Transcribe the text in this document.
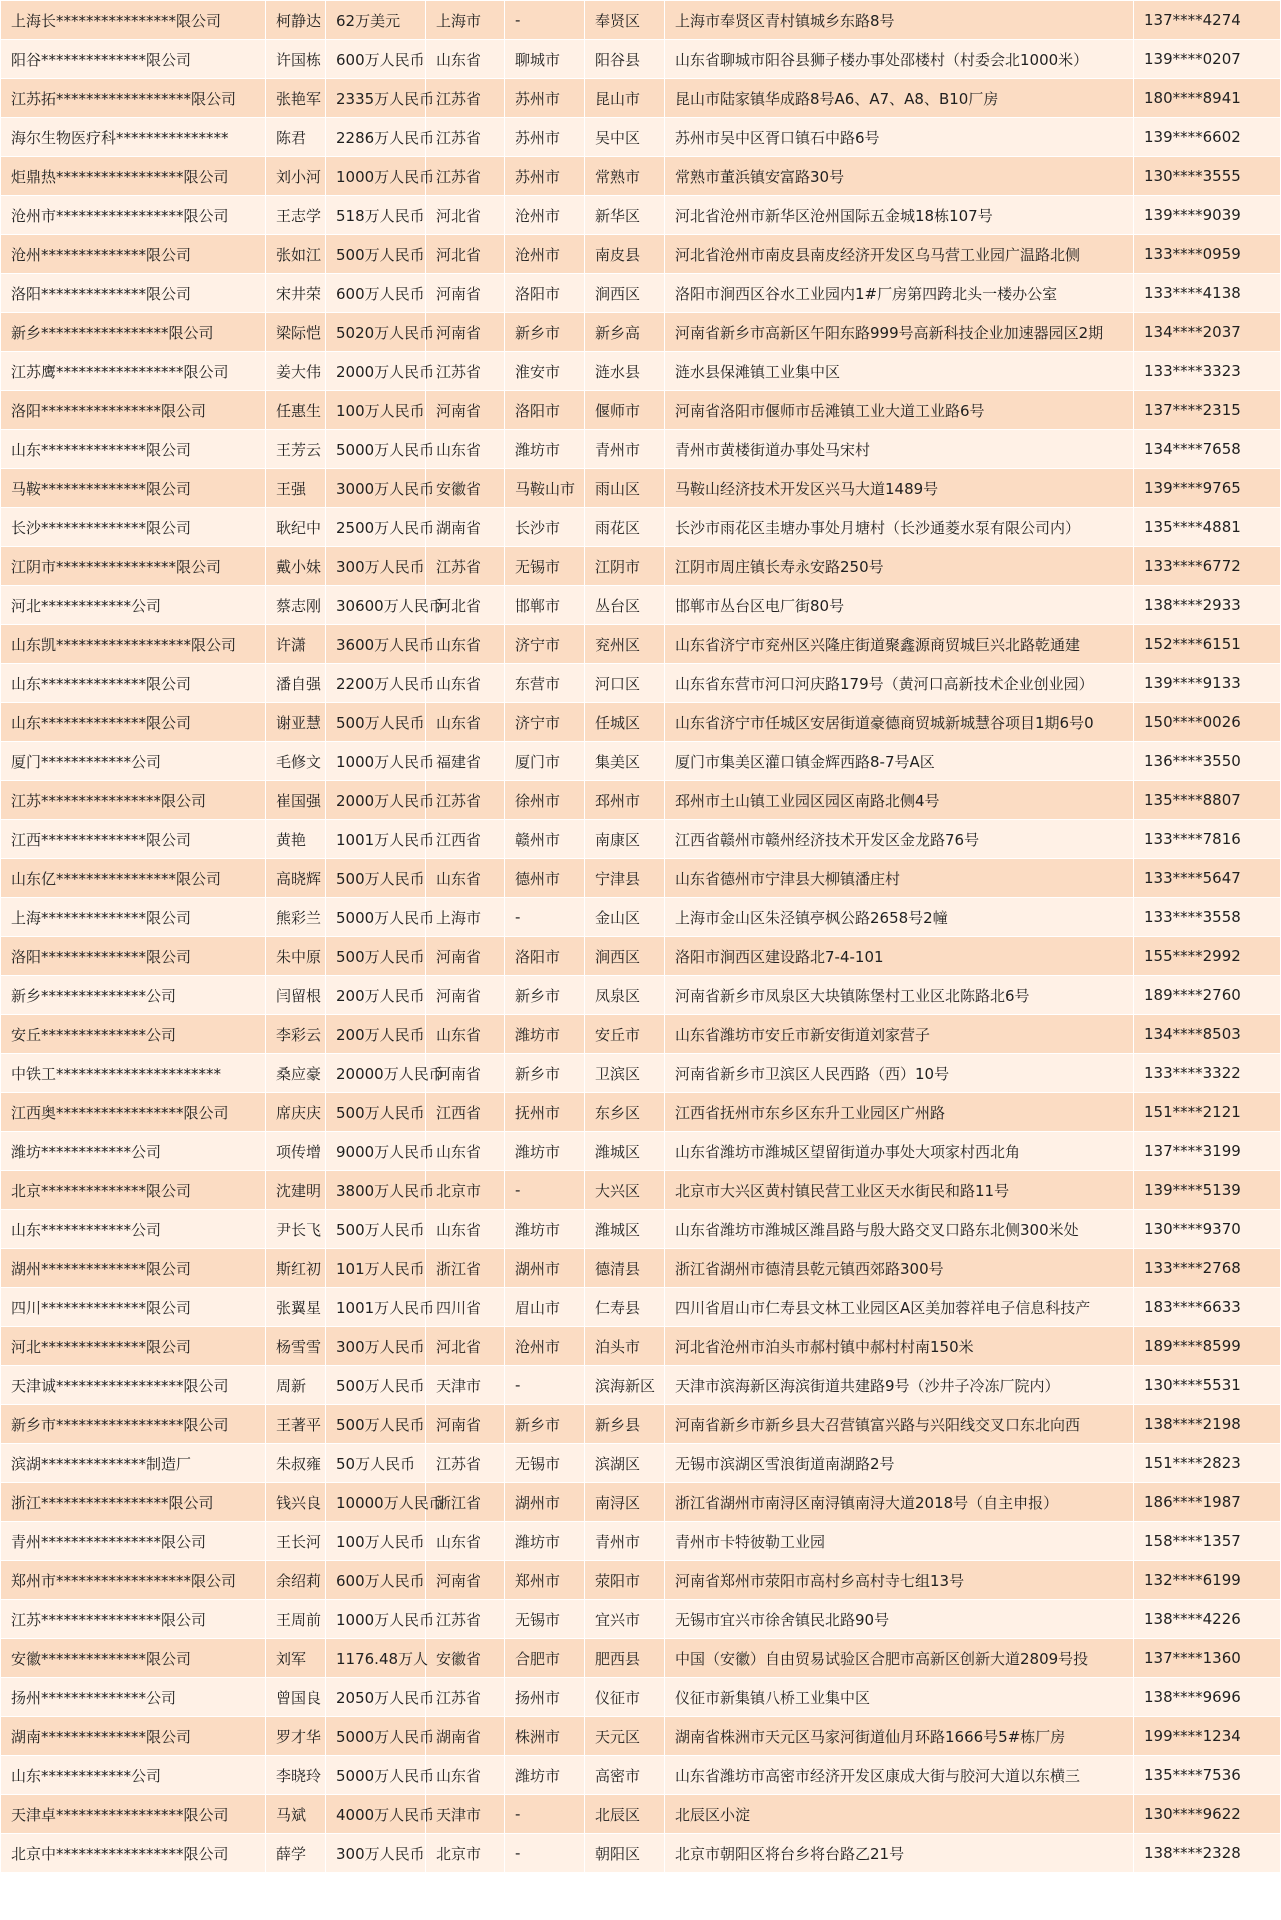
上海长****************限公司	柯静达	62万美元	上海市	-	奉贤区	上海市奉贤区青村镇城乡东路8号	137****4274
阳谷**************限公司	许国栋	600万人民币	山东省	聊城市	阳谷县	山东省聊城市阳谷县狮子楼办事处邵楼村（村委会北1000米）	139****0207
江苏拓******************限公司	张艳军	2335万人民币	江苏省	苏州市	昆山市	昆山市陆家镇华成路8号A6、A7、A8、B10厂房	180****8941
海尔生物医疗科***************	陈君	2286万人民币	江苏省	苏州市	吴中区	苏州市吴中区胥口镇石中路6号	139****6602
炬鼎热*****************限公司	刘小河	1000万人民币	江苏省	苏州市	常熟市	常熟市董浜镇安富路30号	130****3555
沧州市*****************限公司	王志学	518万人民币	河北省	沧州市	新华区	河北省沧州市新华区沧州国际五金城18栋107号	139****9039
沧州**************限公司	张如江	500万人民币	河北省	沧州市	南皮县	河北省沧州市南皮县南皮经济开发区乌马营工业园广温路北侧	133****0959
洛阳**************限公司	宋井荣	600万人民币	河南省	洛阳市	涧西区	洛阳市涧西区谷水工业园内1#厂房第四跨北头一楼办公室	133****4138
新乡*****************限公司	梁际恺	5020万人民币	河南省	新乡市	新乡高	河南省新乡市高新区午阳东路999号高新科技企业加速器园区2期	134****2037
江苏鹰*****************限公司	姜大伟	2000万人民币	江苏省	淮安市	涟水县	涟水县保滩镇工业集中区	133****3323
洛阳****************限公司	任惠生	100万人民币	河南省	洛阳市	偃师市	河南省洛阳市偃师市岳滩镇工业大道工业路6号	137****2315
山东**************限公司	王芳云	5000万人民币	山东省	潍坊市	青州市	青州市黄楼街道办事处马宋村	134****7658
马鞍**************限公司	王强	3000万人民币	安徽省	马鞍山市	雨山区	马鞍山经济技术开发区兴马大道1489号	139****9765
长沙**************限公司	耿纪中	2500万人民币	湖南省	长沙市	雨花区	长沙市雨花区圭塘办事处月塘村（长沙通菱水泵有限公司内）	135****4881
江阴市****************限公司	戴小妹	300万人民币	江苏省	无锡市	江阴市	江阴市周庄镇长寿永安路250号	133****6772
河北************公司	蔡志刚	30600万人民币	河北省	邯郸市	丛台区	邯郸市丛台区电厂街80号	138****2933
山东凯******************限公司	许潇	3600万人民币	山东省	济宁市	兖州区	山东省济宁市兖州区兴隆庄街道聚鑫源商贸城巨兴北路乾通建	152****6151
山东**************限公司	潘自强	2200万人民币	山东省	东营市	河口区	山东省东营市河口河庆路179号（黄河口高新技术企业创业园）	139****9133
山东**************限公司	谢亚慧	500万人民币	山东省	济宁市	任城区	山东省济宁市任城区安居街道豪德商贸城新城慧谷项目1期6号0	150****0026
厦门************公司	毛修文	1000万人民币	福建省	厦门市	集美区	厦门市集美区灌口镇金辉西路8-7号A区	136****3550
江苏****************限公司	崔国强	2000万人民币	江苏省	徐州市	邳州市	邳州市土山镇工业园区园区南路北侧4号	135****8807
江西**************限公司	黄艳	1001万人民币	江西省	赣州市	南康区	江西省赣州市赣州经济技术开发区金龙路76号	133****7816
山东亿****************限公司	高晓辉	500万人民币	山东省	德州市	宁津县	山东省德州市宁津县大柳镇潘庄村	133****5647
上海**************限公司	熊彩兰	5000万人民币	上海市	-	金山区	上海市金山区朱泾镇亭枫公路2658号2幢	133****3558
洛阳**************限公司	朱中原	500万人民币	河南省	洛阳市	涧西区	洛阳市涧西区建设路北7-4-101	155****2992
新乡**************公司	闫留根	200万人民币	河南省	新乡市	凤泉区	河南省新乡市凤泉区大块镇陈堡村工业区北陈路北6号	189****2760
安丘**************公司	李彩云	200万人民币	山东省	潍坊市	安丘市	山东省潍坊市安丘市新安街道刘家营子	134****8503
中铁工**********************	桑应豪	20000万人民币	河南省	新乡市	卫滨区	河南省新乡市卫滨区人民西路（西）10号	133****3322
江西奥*****************限公司	席庆庆	500万人民币	江西省	抚州市	东乡区	江西省抚州市东乡区东升工业园区广州路	151****2121
潍坊************公司	项传增	9000万人民币	山东省	潍坊市	潍城区	山东省潍坊市潍城区望留街道办事处大项家村西北角	137****3199
北京**************限公司	沈建明	3800万人民币	北京市	-	大兴区	北京市大兴区黄村镇民营工业区天水街民和路11号	139****5139
山东************公司	尹长飞	500万人民币	山东省	潍坊市	潍城区	山东省潍坊市潍城区潍昌路与殷大路交叉口路东北侧300米处	130****9370
湖州**************限公司	斯红初	101万人民币	浙江省	湖州市	德清县	浙江省湖州市德清县乾元镇西郊路300号	133****2768
四川**************限公司	张翼星	1001万人民币	四川省	眉山市	仁寿县	四川省眉山市仁寿县文林工业园区A区美加蓉祥电子信息科技产	183****6633
河北**************限公司	杨雪雪	300万人民币	河北省	沧州市	泊头市	河北省沧州市泊头市郝村镇中郝村村南150米	189****8599
天津诚*****************限公司	周新	500万人民币	天津市	-	滨海新区	天津市滨海新区海滨街道共建路9号（沙井子冷冻厂院内）	130****5531
新乡市*****************限公司	王著平	500万人民币	河南省	新乡市	新乡县	河南省新乡市新乡县大召营镇富兴路与兴阳线交叉口东北向西	138****2198
滨湖**************制造厂	朱叔雍	50万人民币	江苏省	无锡市	滨湖区	无锡市滨湖区雪浪街道南湖路2号	151****2823
浙江*****************限公司	钱兴良	10000万人民币	浙江省	湖州市	南浔区	浙江省湖州市南浔区南浔镇南浔大道2018号（自主申报）	186****1987
青州****************限公司	王长河	100万人民币	山东省	潍坊市	青州市	青州市卡特彼勒工业园	158****1357
郑州市******************限公司	余绍莉	600万人民币	河南省	郑州市	荥阳市	河南省郑州市荥阳市高村乡高村寺七组13号	132****6199
江苏****************限公司	王周前	1000万人民币	江苏省	无锡市	宜兴市	无锡市宜兴市徐舍镇民北路90号	138****4226
安徽**************限公司	刘军	1176.48万人	安徽省	合肥市	肥西县	中国（安徽）自由贸易试验区合肥市高新区创新大道2809号投	137****1360
扬州**************公司	曾国良	2050万人民币	江苏省	扬州市	仪征市	仪征市新集镇八桥工业集中区	138****9696
湖南**************限公司	罗才华	5000万人民币	湖南省	株洲市	天元区	湖南省株洲市天元区马家河街道仙月环路1666号5#栋厂房	199****1234
山东************公司	李晓玲	5000万人民币	山东省	潍坊市	高密市	山东省潍坊市高密市经济开发区康成大街与胶河大道以东横三	135****7536
天津卓*****************限公司	马斌	4000万人民币	天津市	-	北辰区	北辰区小淀	130****9622
北京中*****************限公司	薛学	300万人民币	北京市	-	朝阳区	北京市朝阳区将台乡将台路乙21号	138****2328
